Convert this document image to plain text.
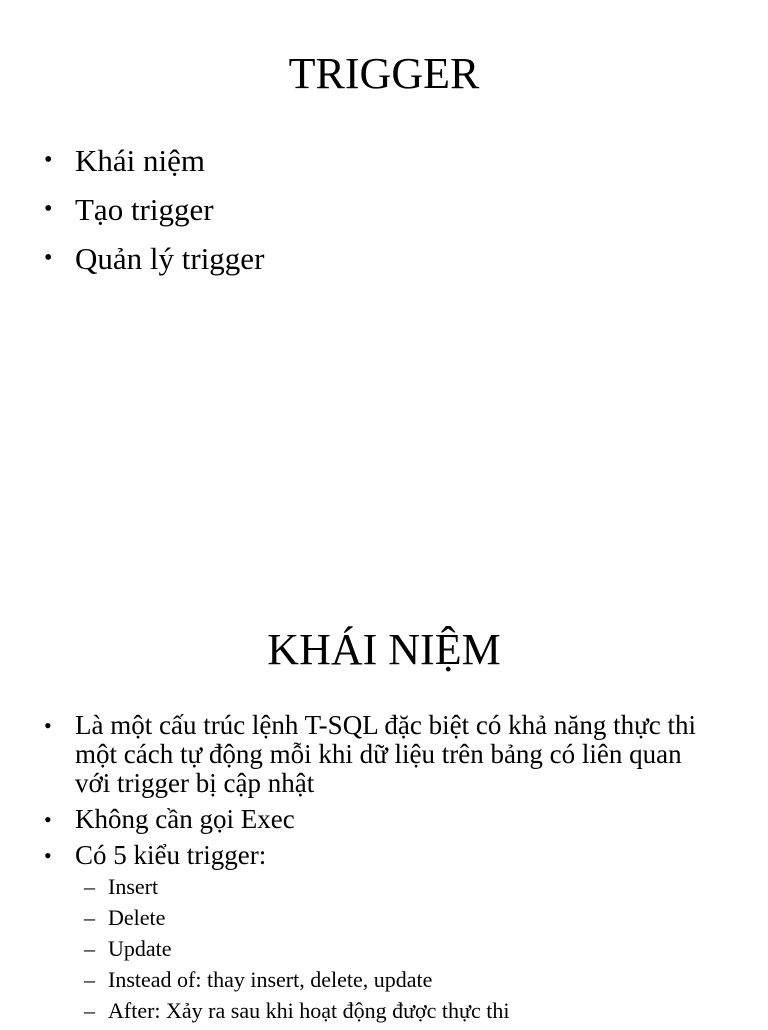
TRIGGER
• Khái niệm
• Tạo trigger
• Quản lý trigger
KHÁI NIỆM
• Là một cấu trúc lệnh T-SQL đặc biệt có khả năng thực thi một cách tự động mỗi khi dữ liệu trên bảng có liên quan với trigger bị cập nhật
• Không cần gọi Exec
• Có 5 kiểu trigger:
– Insert
– Delete
– Update
– Instead of: thay insert, delete, update
– After: Xảy ra sau khi hoạt động được thực thi
